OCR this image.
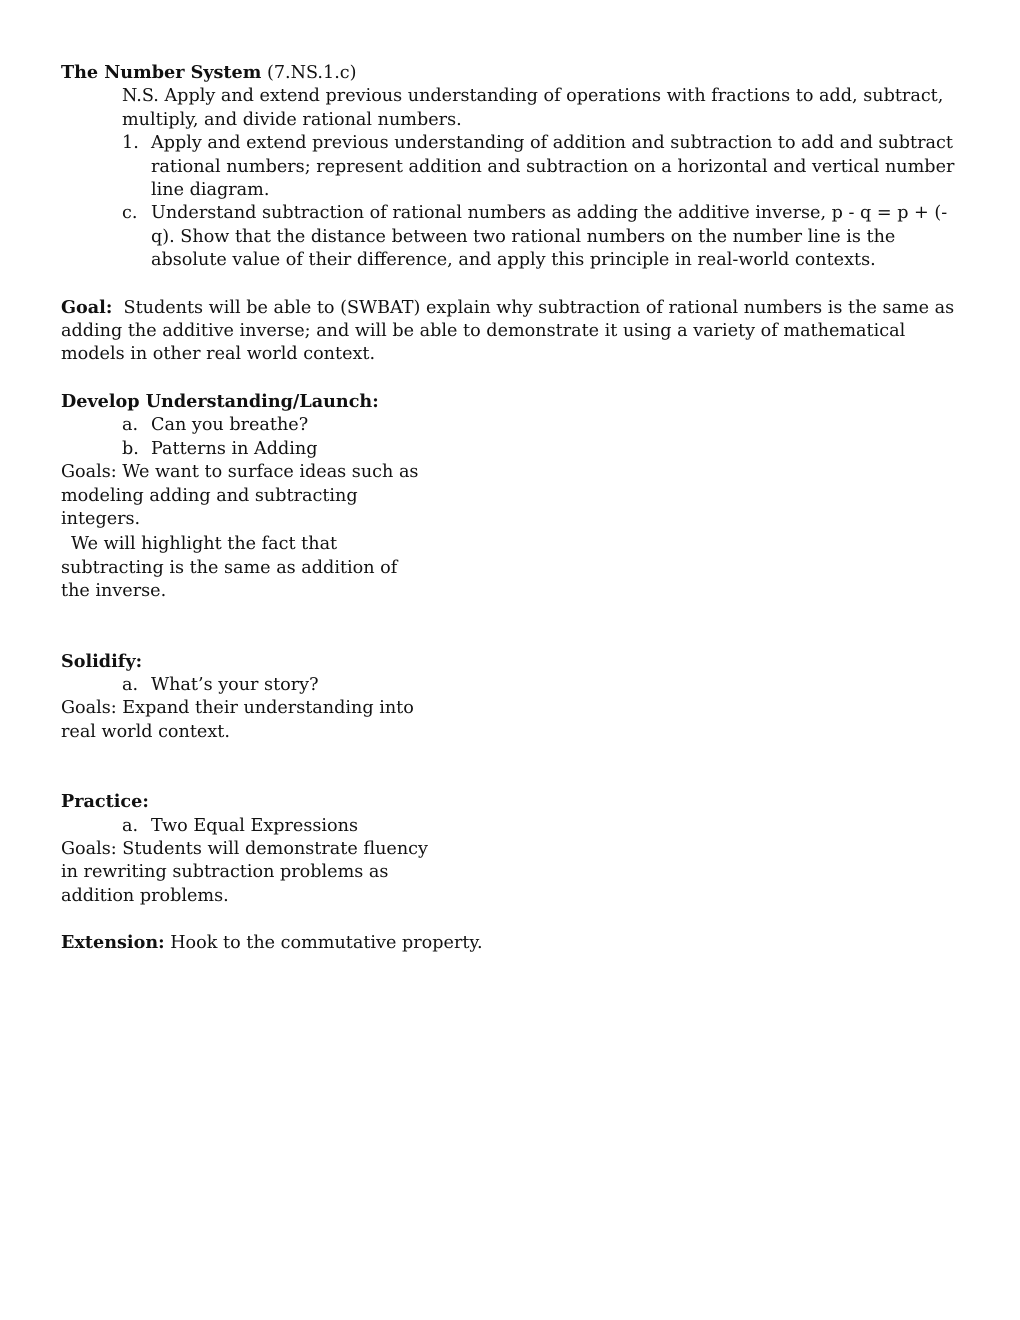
The Number System (7.NS.1.c)
N.S. Apply and extend previous understanding of operations with fractions to add, subtract, multiply, and divide rational numbers.
1. Apply and extend previous understanding of addition and subtraction to add and subtract rational numbers; represent addition and subtraction on a horizontal and vertical number line diagram.
c. Understand subtraction of rational numbers as adding the additive inverse, p - q = p + (-q). Show that the distance between two rational numbers on the number line is the absolute value of their difference, and apply this principle in real-world contexts.
Goal: Students will be able to (SWBAT) explain why subtraction of rational numbers is the same as adding the additive inverse; and will be able to demonstrate it using a variety of mathematical models in other real world context.
Develop Understanding/Launch:
a. Can you breathe?
b. Patterns in Adding
Goals: We want to surface ideas such as modeling adding and subtracting integers.
We will highlight the fact that subtracting is the same as addition of the inverse.
Solidify:
a. What’s your story?
Goals: Expand their understanding into real world context.
Practice:
a. Two Equal Expressions
Goals: Students will demonstrate fluency in rewriting subtraction problems as addition problems.
Extension: Hook to the commutative property.
